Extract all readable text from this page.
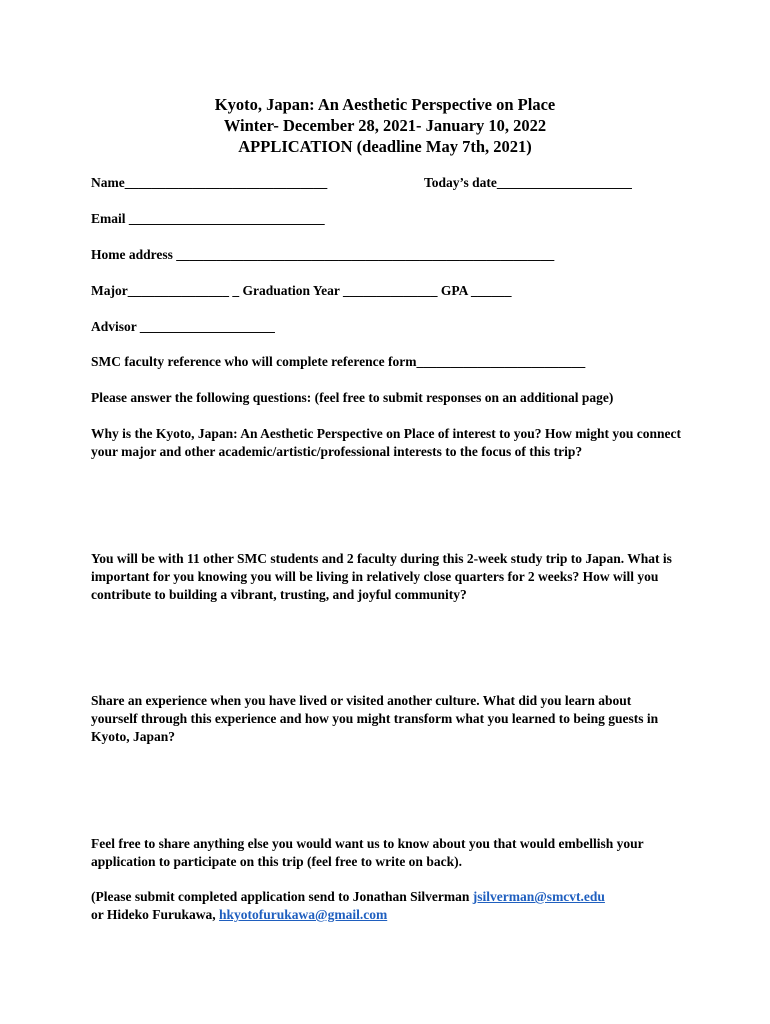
Kyoto, Japan: An Aesthetic Perspective on Place
Winter- December 28, 2021- January 10, 2022
APPLICATION (deadline May 7th, 2021)
Name______________________________	Today’s date____________________
Email _____________________________
Home address ________________________________________________________
Major_______________ _ Graduation Year ______________ GPA ______
Advisor ____________________
SMC faculty reference who will complete reference form_________________________
Please answer the following questions: (feel free to submit responses on an additional page)
Why is the Kyoto, Japan: An Aesthetic Perspective on Place of interest to you? How might you connect your major and other academic/artistic/professional interests to the focus of this trip?
You will be with 11 other SMC students and 2 faculty during this 2-week study trip to Japan. What is important for you knowing you will be living in relatively close quarters for 2 weeks? How will you contribute to building a vibrant, trusting, and joyful community?
Share an experience when you have lived or visited another culture. What did you learn about yourself through this experience and how you might transform what you learned to being guests in Kyoto, Japan?
Feel free to share anything else you would want us to know about you that would embellish your application to participate on this trip (feel free to write on back).
(Please submit completed application send to Jonathan Silverman jsilverman@smcvt.edu
or Hideko Furukawa, hkyotofurukawa@gmail.com
